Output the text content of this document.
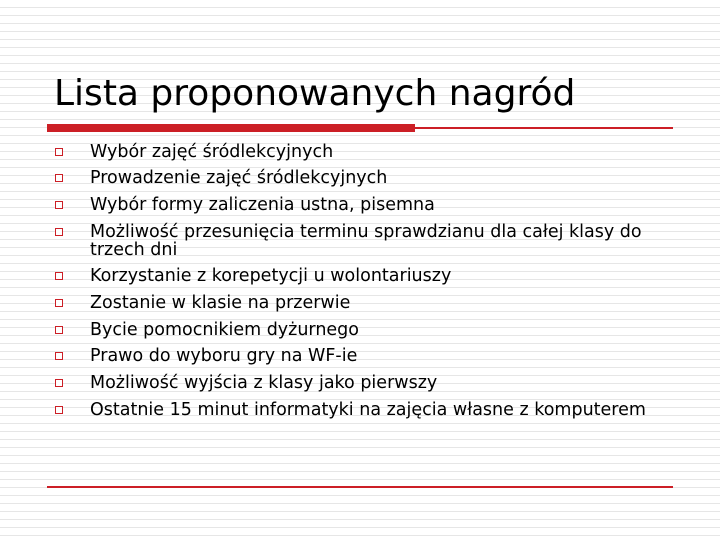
Lista proponowanych nagród
Wybór zajęć śródlekcyjnych
Prowadzenie zajęć śródlekcyjnych
Wybór formy zaliczenia ustna, pisemna
Możliwość przesunięcia terminu sprawdzianu dla całej klasy do trzech dni
Korzystanie z korepetycji u wolontariuszy
Zostanie w klasie na przerwie
Bycie pomocnikiem dyżurnego
Prawo do wyboru gry na WF-ie
Możliwość wyjścia z klasy jako pierwszy
Ostatnie 15 minut informatyki na zajęcia własne z komputerem
